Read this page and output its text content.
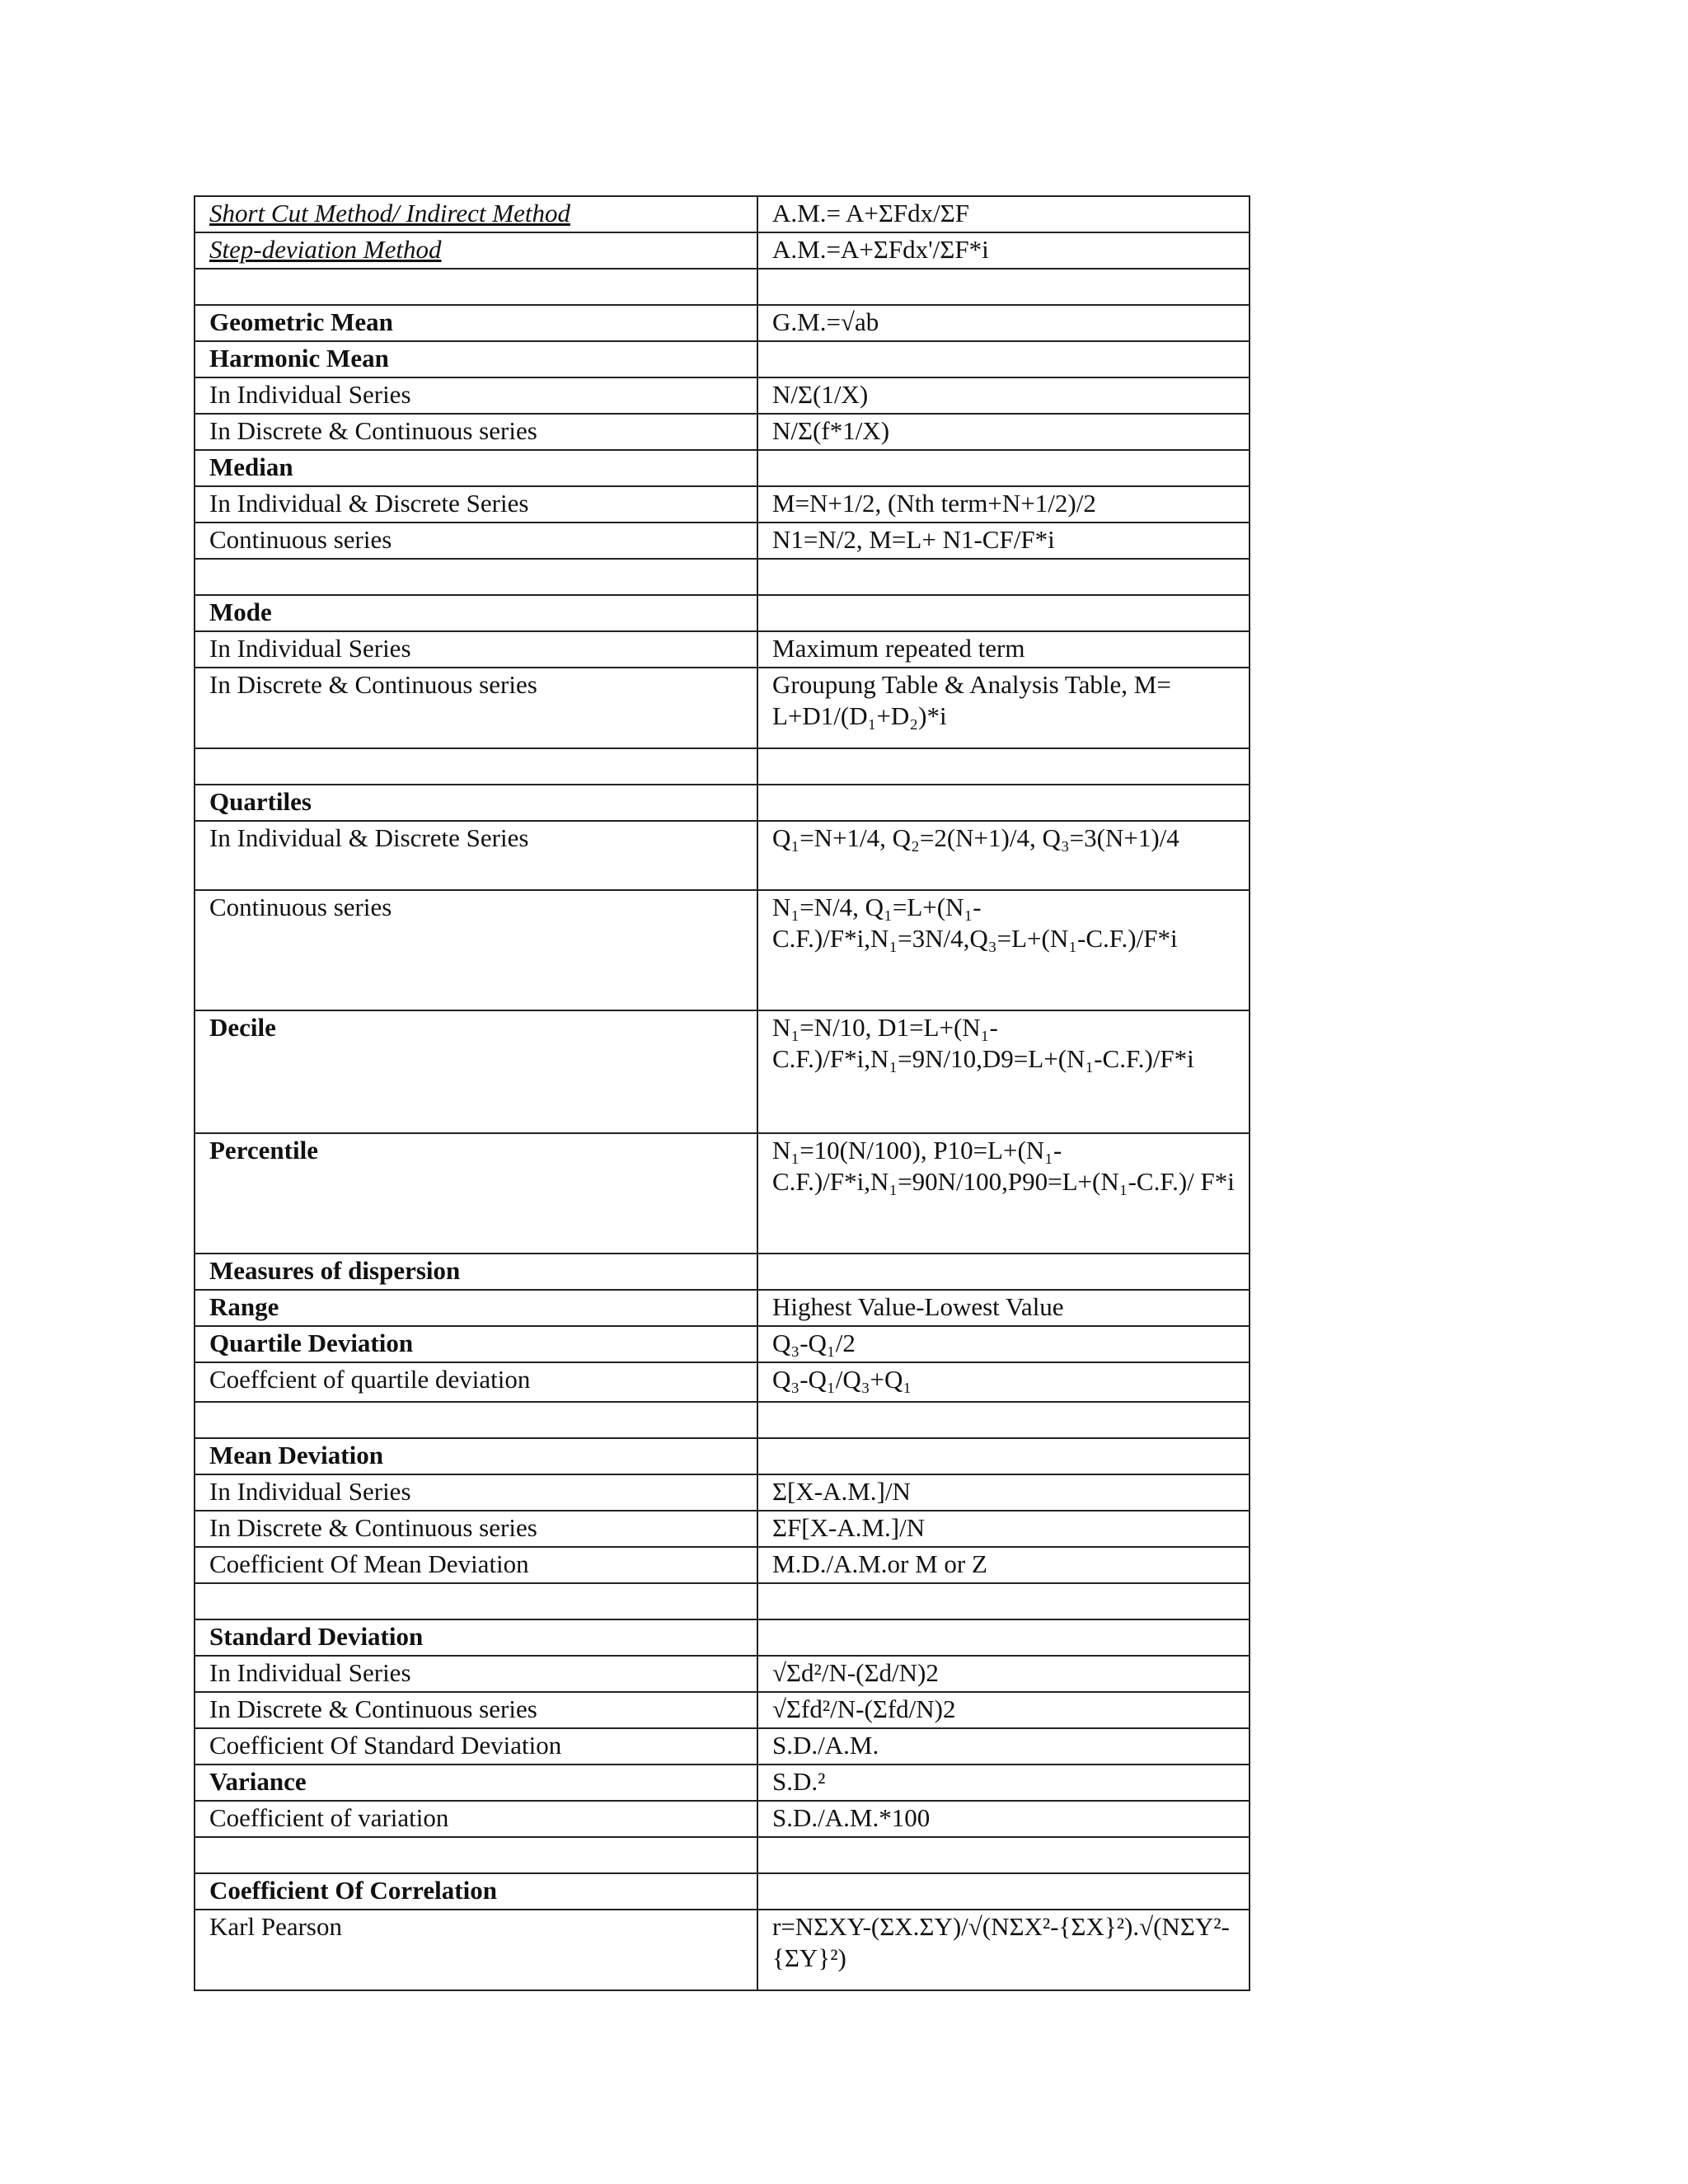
Short Cut Method/ Indirect Method	A.M.= A+ΣFdx/ΣF
Step-deviation Method	A.M.=A+ΣFdx'/ΣF*i

Geometric Mean	G.M.=√ab
Harmonic Mean	
In Individual Series	N/Σ(1/X)
In Discrete & Continuous series	N/Σ(f*1/X)
Median	
In Individual & Discrete Series	M=N+1/2, (Nth term+N+1/2)/2
Continuous series	N1=N/2, M=L+ N1-CF/F*i

Mode	
In Individual Series	Maximum repeated term
In Discrete & Continuous series	Groupung Table & Analysis Table, M= L+D1/(D₁+D₂)*i

Quartiles	
In Individual & Discrete Series	Q₁=N+1/4, Q₂=2(N+1)/4, Q₃=3(N+1)/4
Continuous series	N₁=N/4, Q₁=L+(N₁-C.F.)/F*i,N₁=3N/4,Q₃=L+(N₁-C.F.)/F*i
Decile	N₁=N/10, D1=L+(N₁-C.F.)/F*i,N₁=9N/10,D9=L+(N₁-C.F.)/F*i
Percentile	N₁=10(N/100), P10=L+(N₁-C.F.)/F*i,N₁=90N/100,P90=L+(N₁-C.F.)/ F*i
Measures of dispersion	
Range	Highest Value-Lowest Value
Quartile Deviation	Q₃-Q₁/2
Coeffcient of quartile deviation	Q₃-Q₁/Q₃+Q₁

Mean Deviation	
In Individual Series	Σ[X-A.M.]/N
In Discrete & Continuous series	ΣF[X-A.M.]/N
Coefficient Of Mean Deviation	M.D./A.M.or M or Z

Standard Deviation	
In Individual Series	√Σd²/N-(Σd/N)2
In Discrete & Continuous series	√Σfd²/N-(Σfd/N)2
Coefficient Of Standard Deviation	S.D./A.M.
Variance	S.D.²
Coefficient of variation	S.D./A.M.*100

Coefficient Of Correlation	
Karl Pearson	r=NΣXY-(ΣX.ΣY)/√(NΣX²-{ΣX}²).√(NΣY²-{ΣY}²)
